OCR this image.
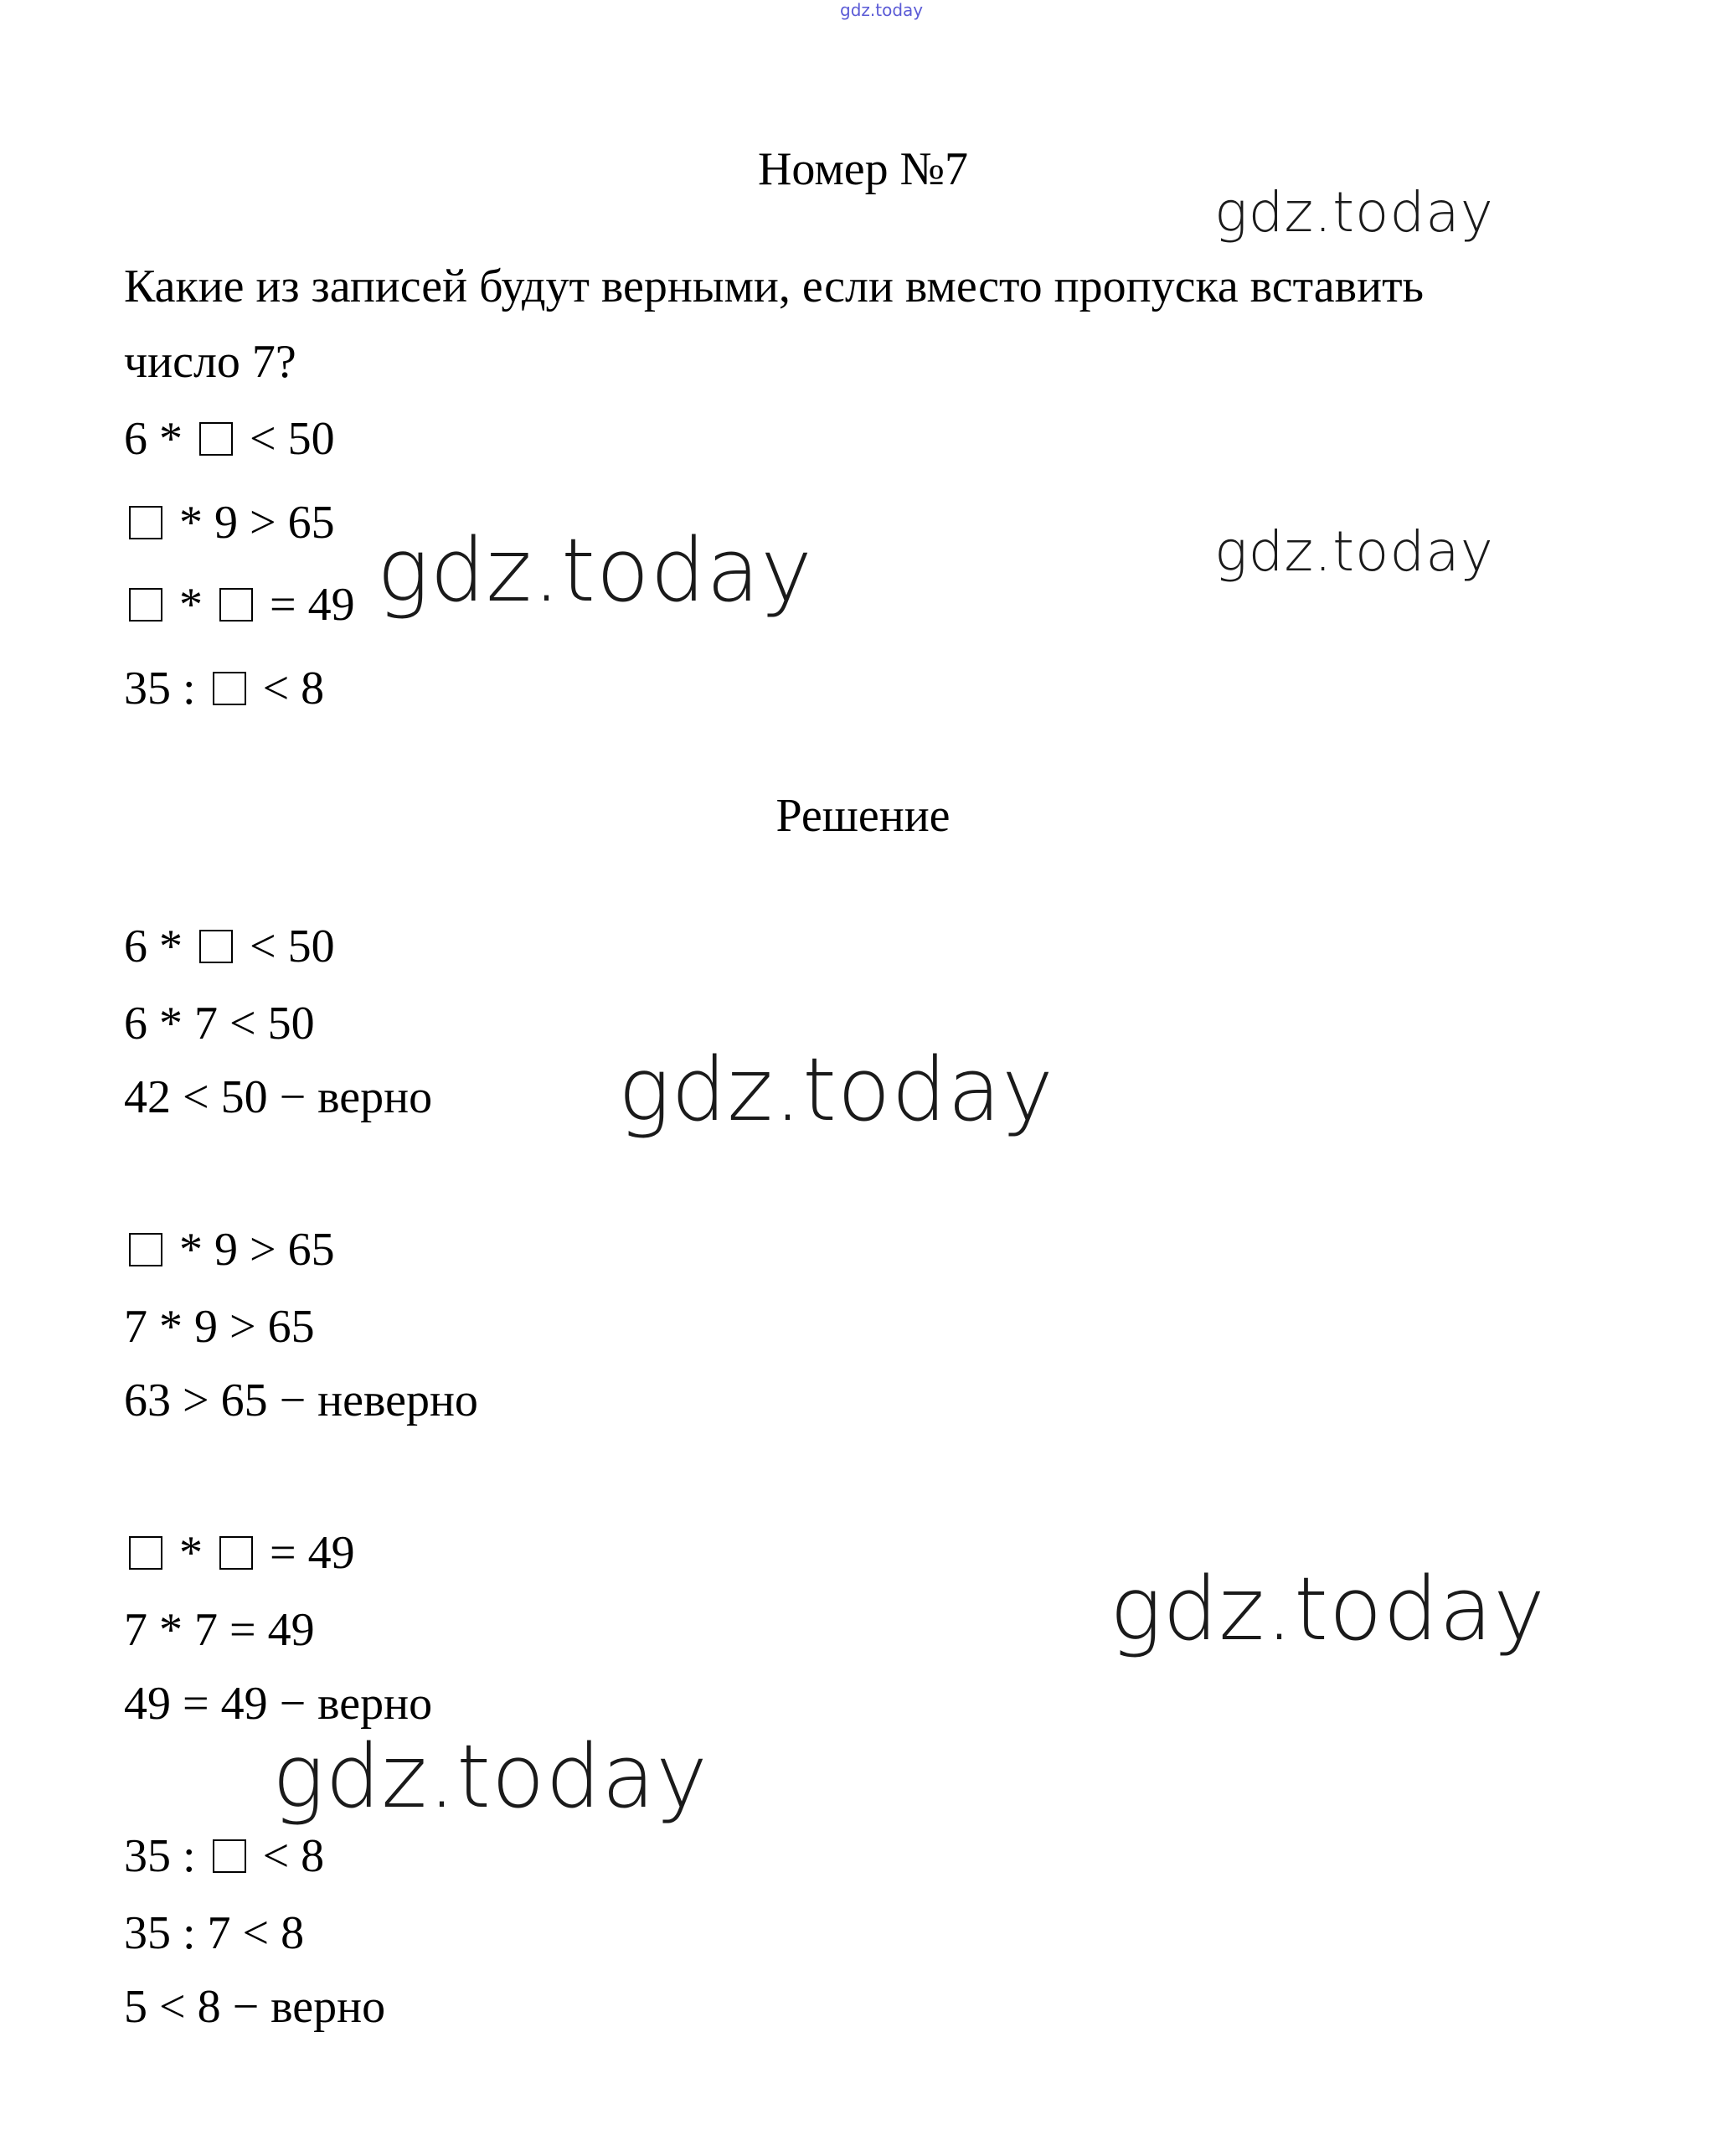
gdz.today
Номер №7
Какие из записей будут верными, если вместо пропуска вставить
число 7?
6 *  < 50
* 9 > 65
*  = 49
35 :  < 8
Решение
6 *  < 50
6 * 7 < 50
42 < 50 − верно
* 9 > 65
7 * 9 > 65
63 > 65 − неверно
*  = 49
7 * 7 = 49
49 = 49 − верно
35 :  < 8
35 : 7 < 8
5 < 8 − верно
gdz.today
gdz.today
gdz.today
gdz.today
gdz.today
gdz.today
